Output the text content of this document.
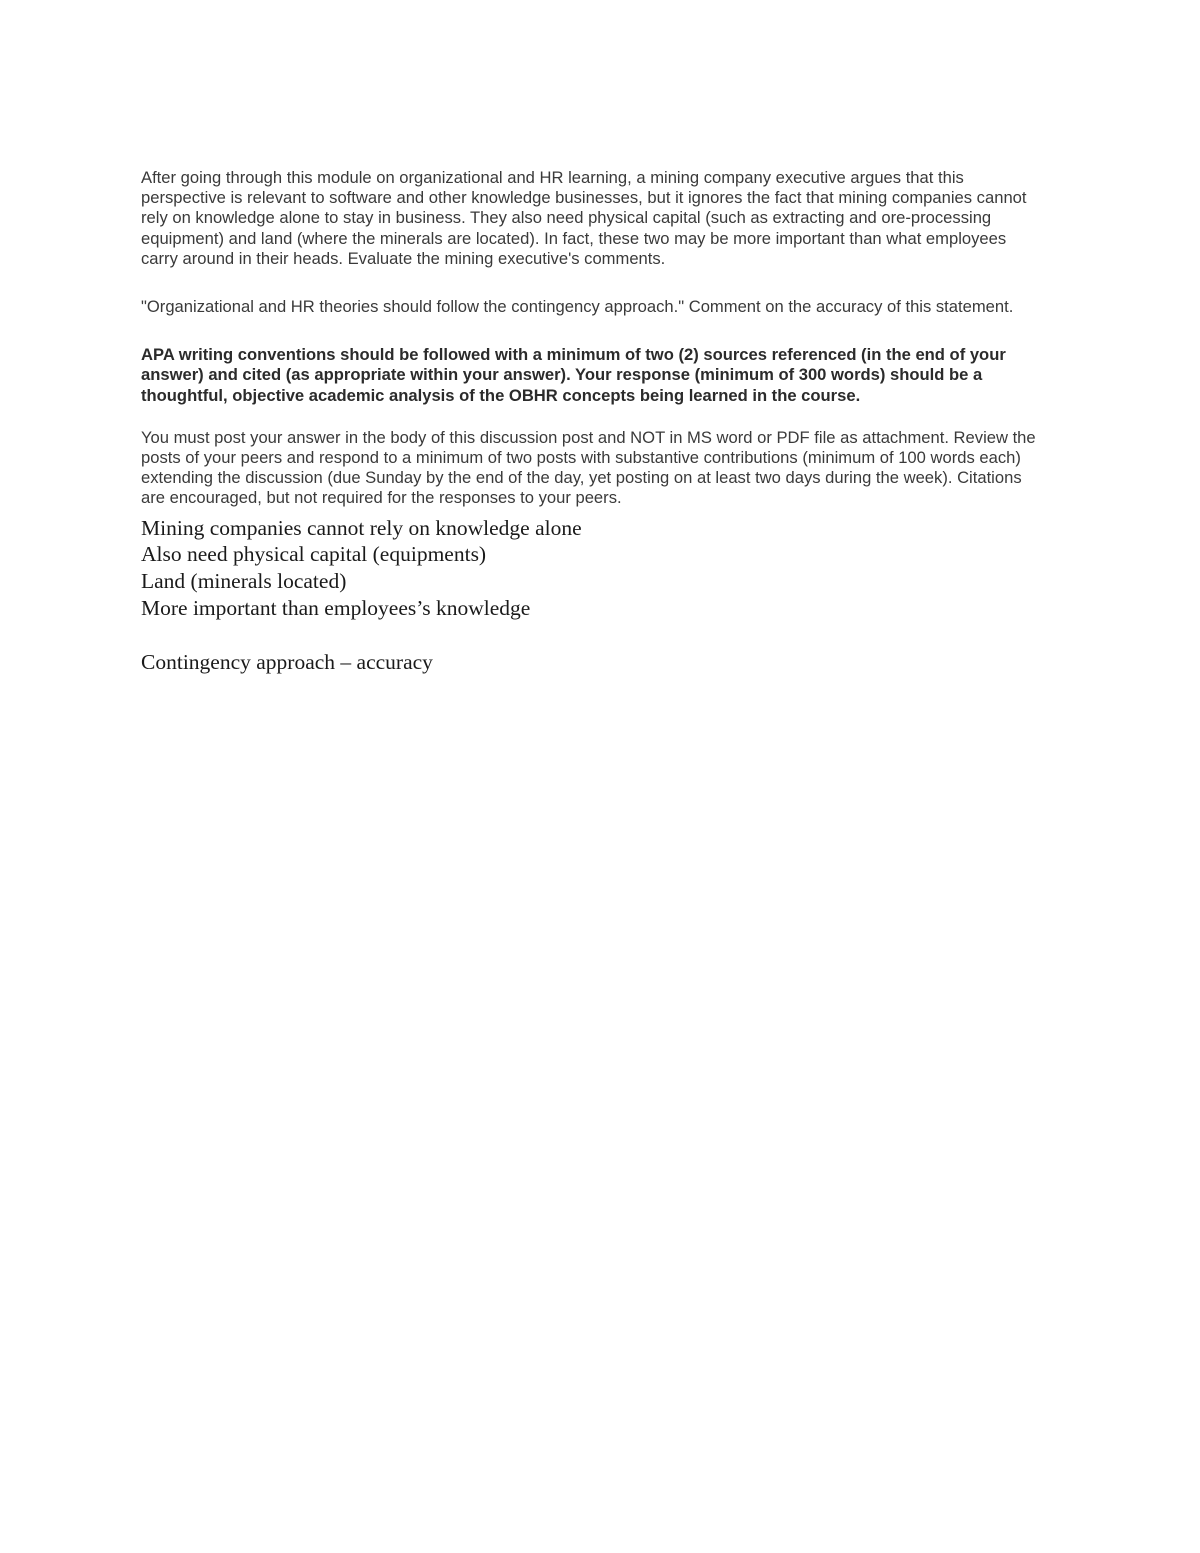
After going through this module on organizational and HR learning, a mining company executive argues that this perspective is relevant to software and other knowledge businesses, but it ignores the fact that mining companies cannot rely on knowledge alone to stay in business. They also need physical capital (such as extracting and ore-processing equipment) and land (where the minerals are located). In fact, these two may be more important than what employees carry around in their heads. Evaluate the mining executive's comments.

"Organizational and HR theories should follow the contingency approach." Comment on the accuracy of this statement.

APA writing conventions should be followed with a minimum of two (2) sources referenced (in the end of your answer) and cited (as appropriate within your answer). Your response (minimum of 300 words) should be a thoughtful, objective academic analysis of the OBHR concepts being learned in the course.

You must post your answer in the body of this discussion post and NOT in MS word or PDF file as attachment. Review the posts of your peers and respond to a minimum of two posts with substantive contributions (minimum of 100 words each) extending the discussion (due Sunday by the end of the day, yet posting on at least two days during the week). Citations are encouraged, but not required for the responses to your peers.

Mining companies cannot rely on knowledge alone
Also need physical capital (equipments)
Land (minerals located)
More important than employees’s knowledge
Contingency approach – accuracy
